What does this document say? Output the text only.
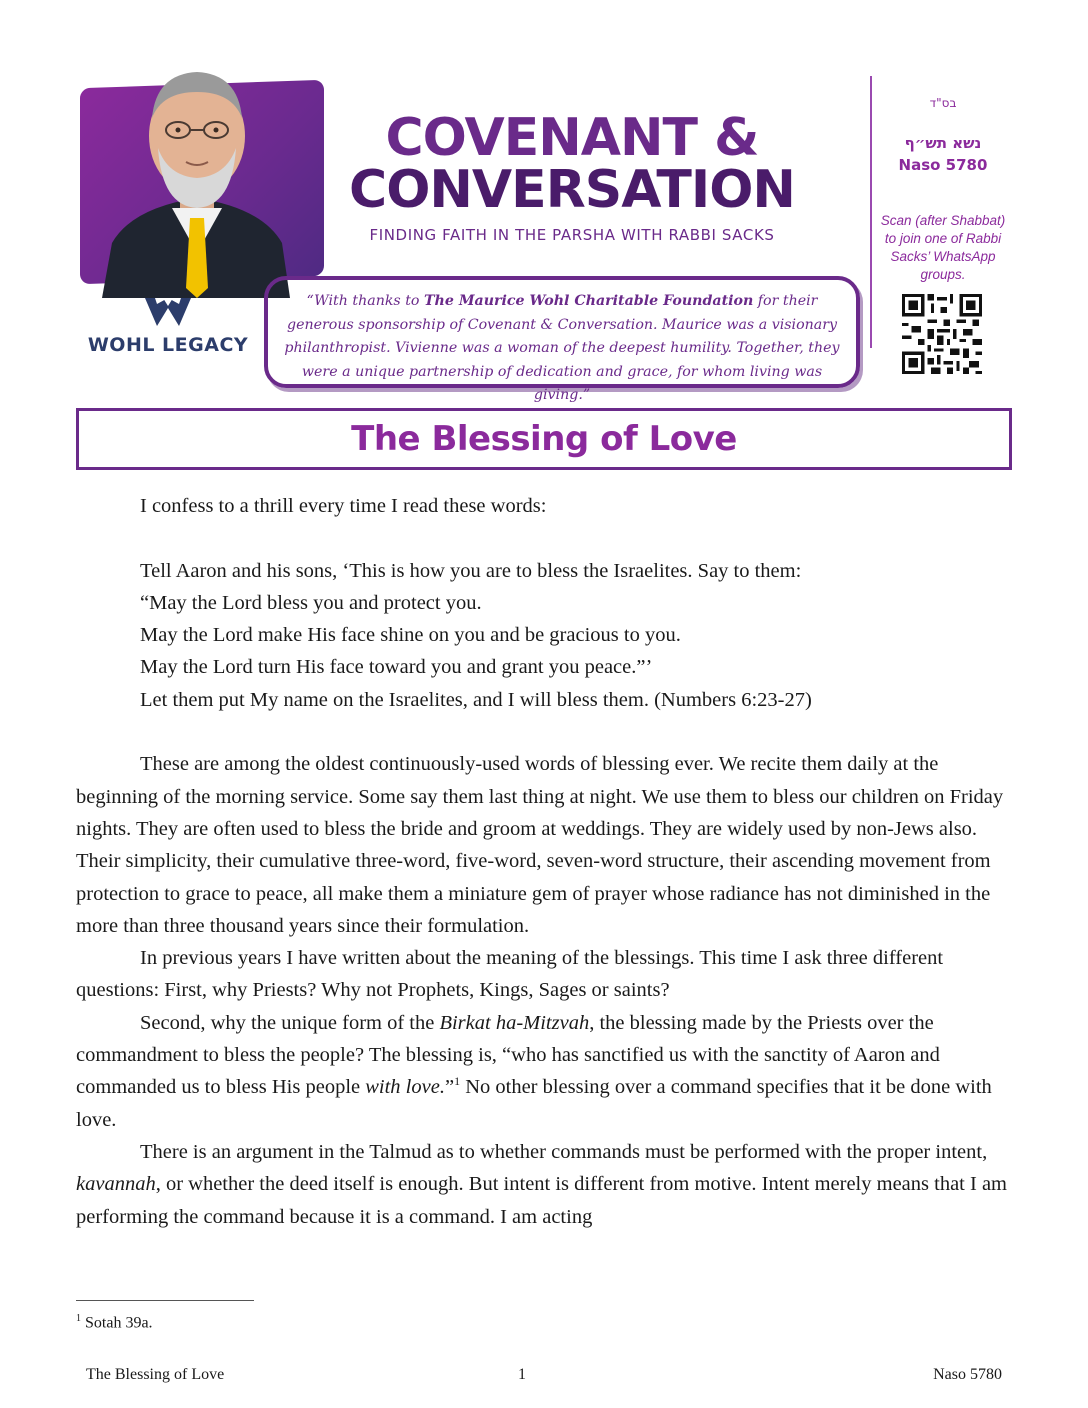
WOHL LEGACY
COVENANT &
CONVERSATION
FINDING FAITH IN THE PARSHA WITH RABBI SACKS
“With thanks to The Maurice Wohl Charitable Foundation for their generous sponsorship of Covenant & Conversation. Maurice was a visionary philanthropist. Vivienne was a woman of the deepest humility. Together, they were a unique partnership of dedication and grace, for whom living was giving.”
בס"ד
נשא תש״ף
Naso 5780
Scan (after Shabbat) to join one of Rabbi Sacks’ WhatsApp groups.
The Blessing of Love

I confess to a thrill every time I read these words:

Tell Aaron and his sons, ‘This is how you are to bless the Israelites. Say to them:
“May the Lord bless you and protect you.
May the Lord make His face shine on you and be gracious to you.
May the Lord turn His face toward you and grant you peace.”’
Let them put My name on the Israelites, and I will bless them. (Numbers 6:23-27)

These are among the oldest continuously-used words of blessing ever. We recite them daily at the beginning of the morning service. Some say them last thing at night. We use them to bless our children on Friday nights. They are often used to bless the bride and groom at weddings. They are widely used by non-Jews also. Their simplicity, their cumulative three-word, five-word, seven-word structure, their ascending movement from protection to grace to peace, all make them a miniature gem of prayer whose radiance has not diminished in the more than three thousand years since their formulation.

In previous years I have written about the meaning of the blessings. This time I ask three different questions: First, why Priests? Why not Prophets, Kings, Sages or saints?

Second, why the unique form of the Birkat ha-Mitzvah, the blessing made by the Priests over the commandment to bless the people? The blessing is, “who has sanctified us with the sanctity of Aaron and commanded us to bless His people with love.”$^1$ No other blessing over a command specifies that it be done with love.

There is an argument in the Talmud as to whether commands must be performed with the proper intent, kavannah, or whether the deed itself is enough. But intent is different from motive. Intent merely means that I am performing the command because it is a command. I am acting

$^1$ Sotah 39a.
The Blessing of Love	1	Naso 5780
